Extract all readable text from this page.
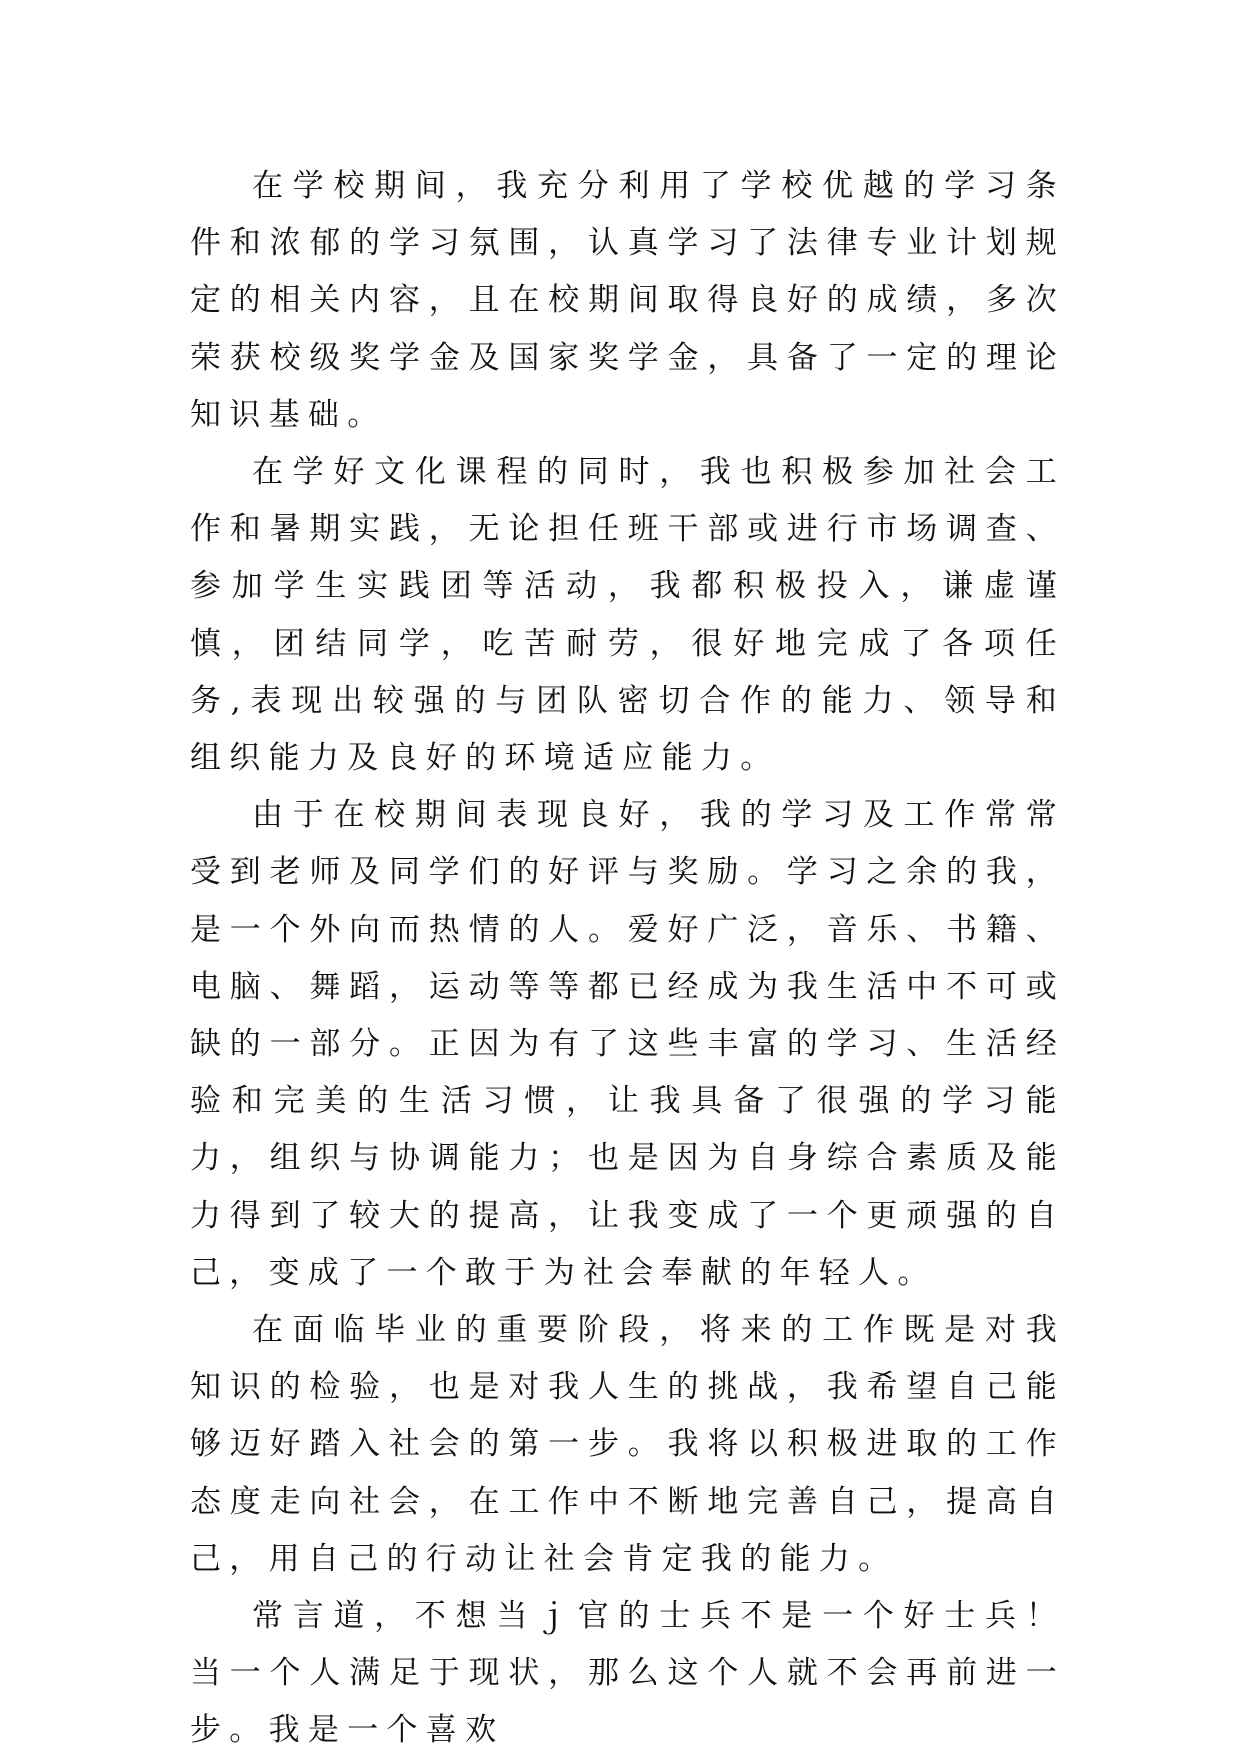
在学校期间，我充分利用了学校优越的学习条件和浓郁的学习氛围，认真学习了法律专业计划规定的相关内容，且在校期间取得良好的成绩，多次荣获校级奖学金及国家奖学金，具备了一定的理论知识基础。

在学好文化课程的同时，我也积极参加社会工作和暑期实践，无论担任班干部或进行市场调查、参加学生实践团等活动，我都积极投入，谦虚谨慎，团结同学，吃苦耐劳，很好地完成了各项任务,表现出较强的与团队密切合作的能力、领导和组织能力及良好的环境适应能力。

由于在校期间表现良好，我的学习及工作常常受到老师及同学们的好评与奖励。学习之余的我，是一个外向而热情的人。爱好广泛，音乐、书籍、电脑、舞蹈，运动等等都已经成为我生活中不可或缺的一部分。正因为有了这些丰富的学习、生活经验和完美的生活习惯，让我具备了很强的学习能力，组织与协调能力；也是因为自身综合素质及能力得到了较大的提高，让我变成了一个更顽强的自己，变成了一个敢于为社会奉献的年轻人。

在面临毕业的重要阶段，将来的工作既是对我知识的检验，也是对我人生的挑战，我希望自己能够迈好踏入社会的第一步。我将以积极进取的工作态度走向社会，在工作中不断地完善自己，提高自己，用自己的行动让社会肯定我的能力。

常言道，不想当ｊ官的士兵不是一个好士兵！当一个人满足于现状，那么这个人就不会再前进一步。我是一个喜欢
